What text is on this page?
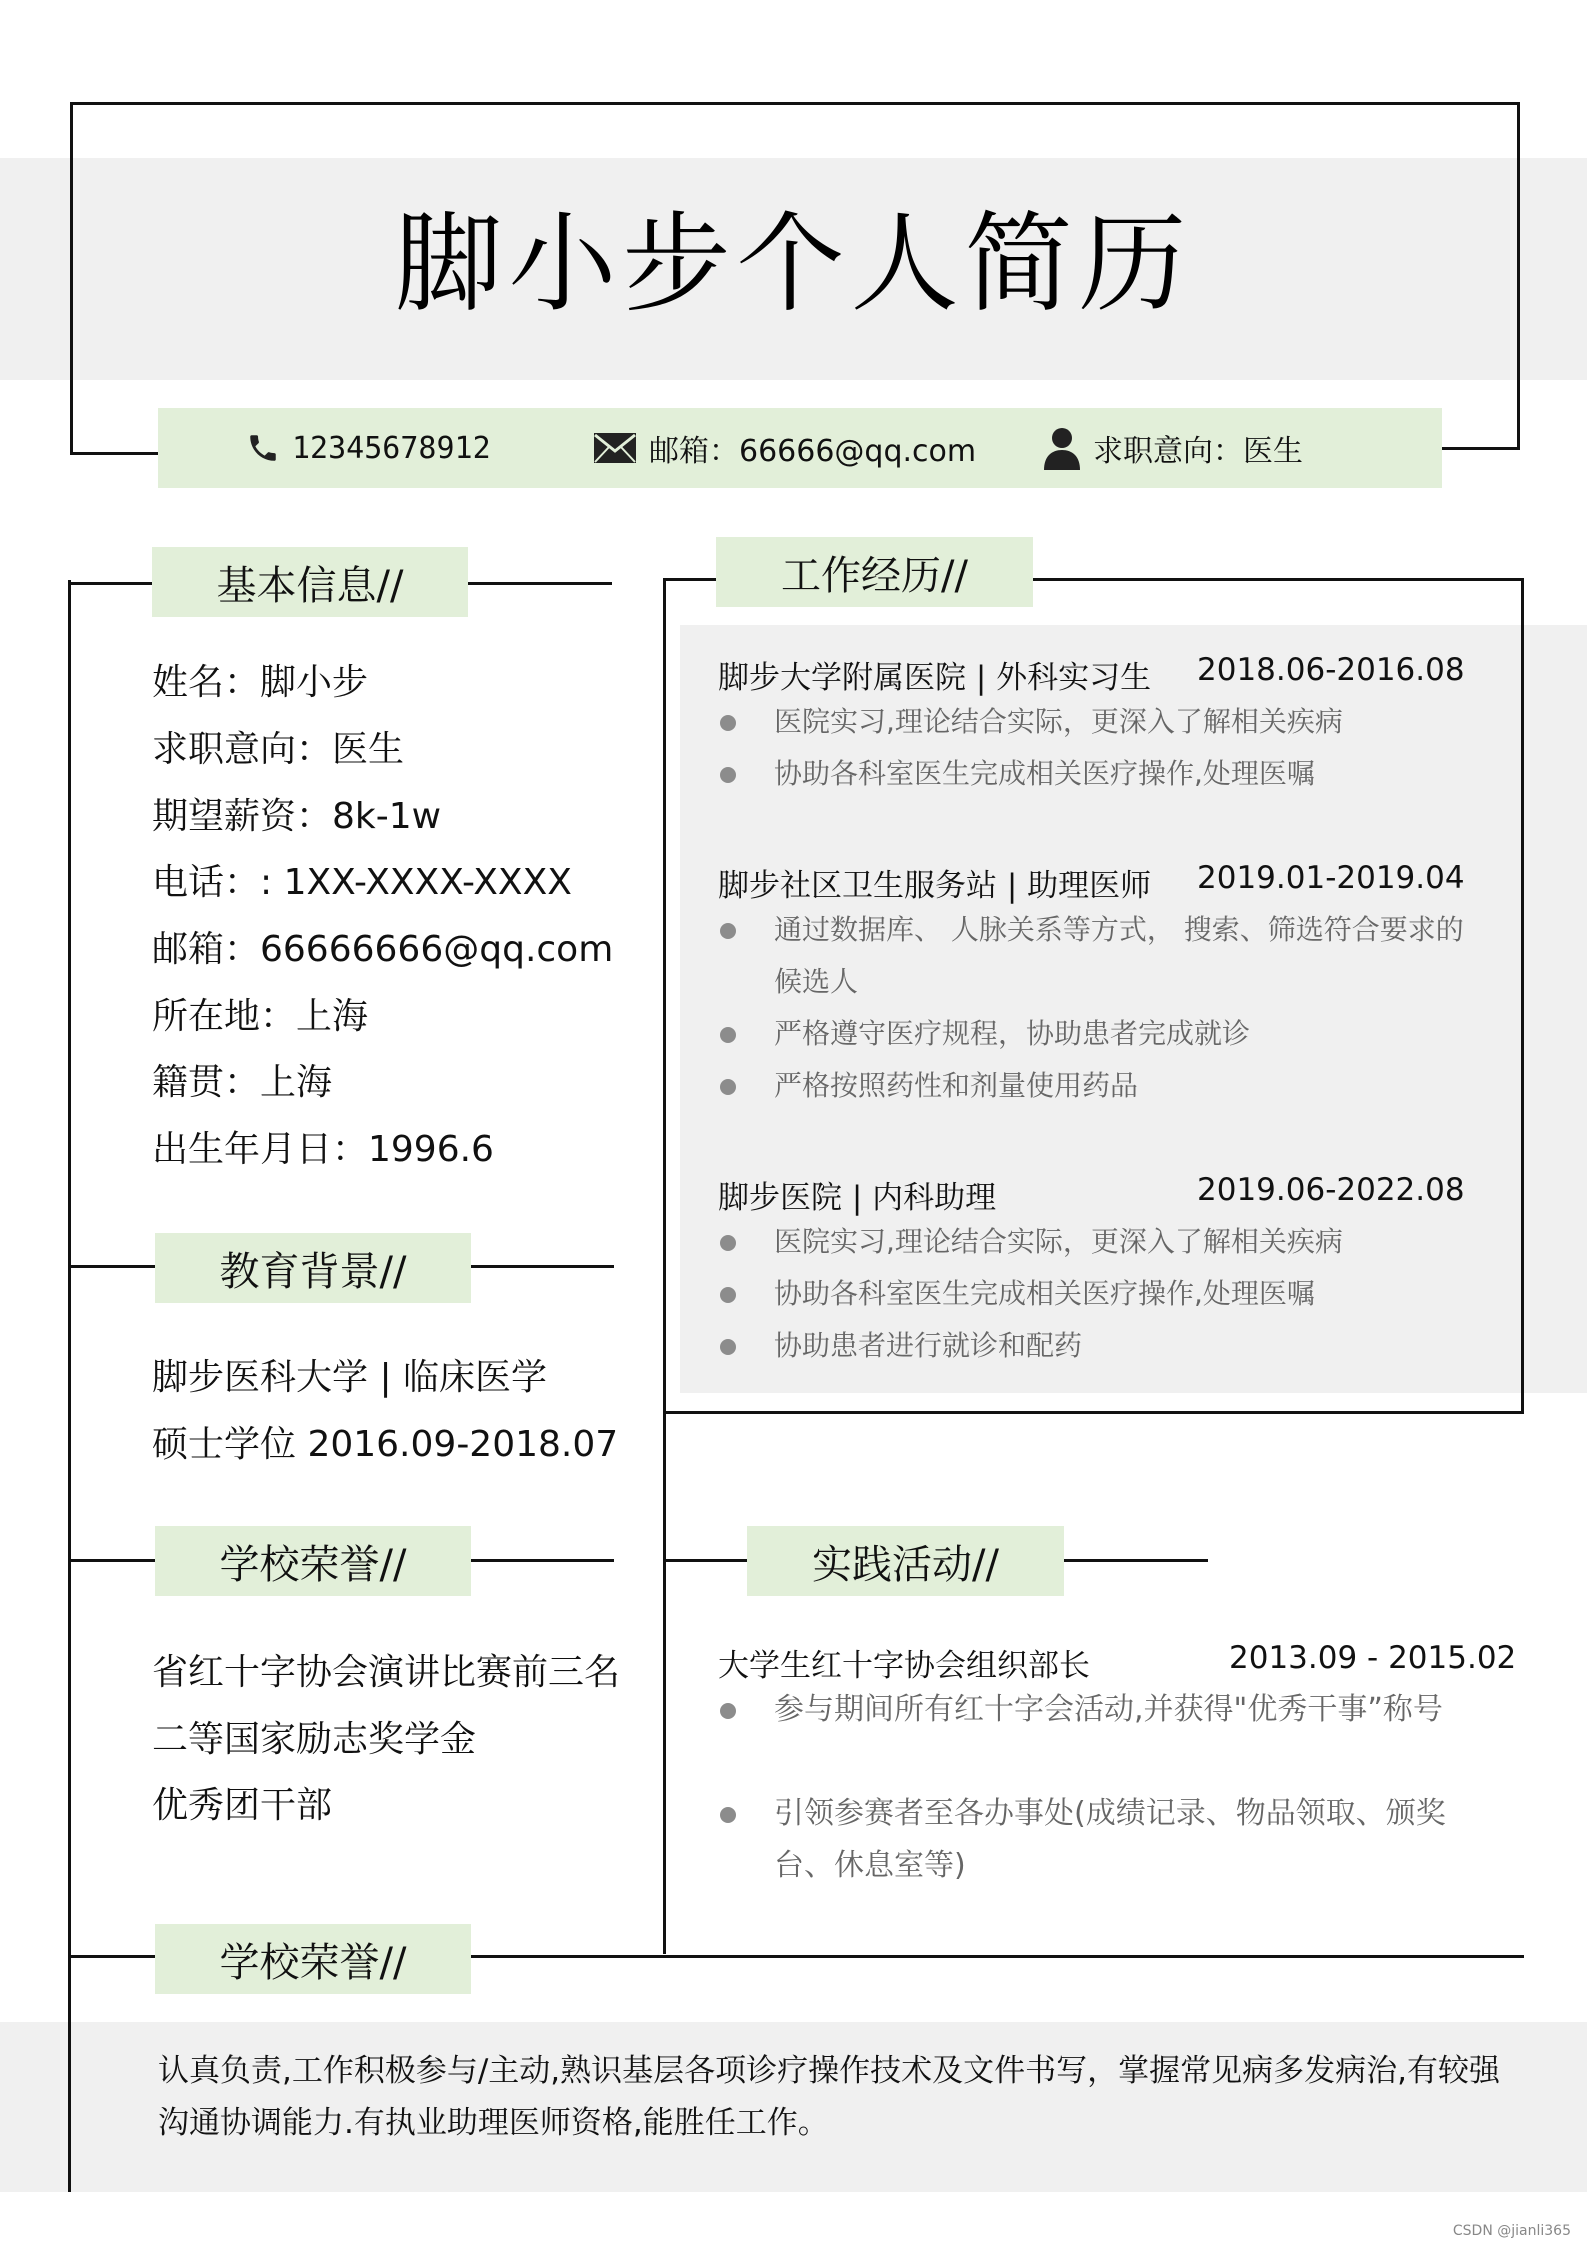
脚小步个人简历
12345678912	邮箱：66666@qq.com	求职意向：医生
基本信息//	工作经历//
教育背景//
学校荣誉//	实践活动//
学校荣誉//
姓名：脚小步
求职意向：医生
期望薪资：8k-1w
电话：: 1XX-XXXX-XXXX
邮箱：66666666@qq.com
所在地：上海
籍贯：上海
出生年月日：1996.6
脚步医科大学 | 临床医学
硕士学位 2016.09-2018.07
省红十字协会演讲比赛前三名
二等国家励志奖学金
优秀团干部
脚步大学附属医院 | 外科实习生 2018.06-2016.08
医院实习,理论结合实际，更深入了解相关疾病
协助各科室医生完成相关医疗操作,处理医嘱
脚步社区卫生服务站 | 助理医师 2019.01-2019.04
通过数据库、 人脉关系等方式， 搜索、筛选符合要求的候选人
严格遵守医疗规程，协助患者完成就诊
严格按照药性和剂量使用药品
脚步医院 | 内科助理	2019.06-2022.08
医院实习,理论结合实际，更深入了解相关疾病
协助各科室医生完成相关医疗操作,处理医嘱
协助患者进行就诊和配药
大学生红十字协会组织部长	2013.09 - 2015.02
参与期间所有红十字会活动,并获得"优秀干事”称号
引领参赛者至各办事处(成绩记录、物品领取、颁奖台、休息室等)
认真负责,工作积极参与/主动,熟识基层各项诊疗操作技术及文件书写，掌握常见病多发病治,有较强沟通协调能力.有执业助理医师资格,能胜任工作。
CSDN @jianli365
